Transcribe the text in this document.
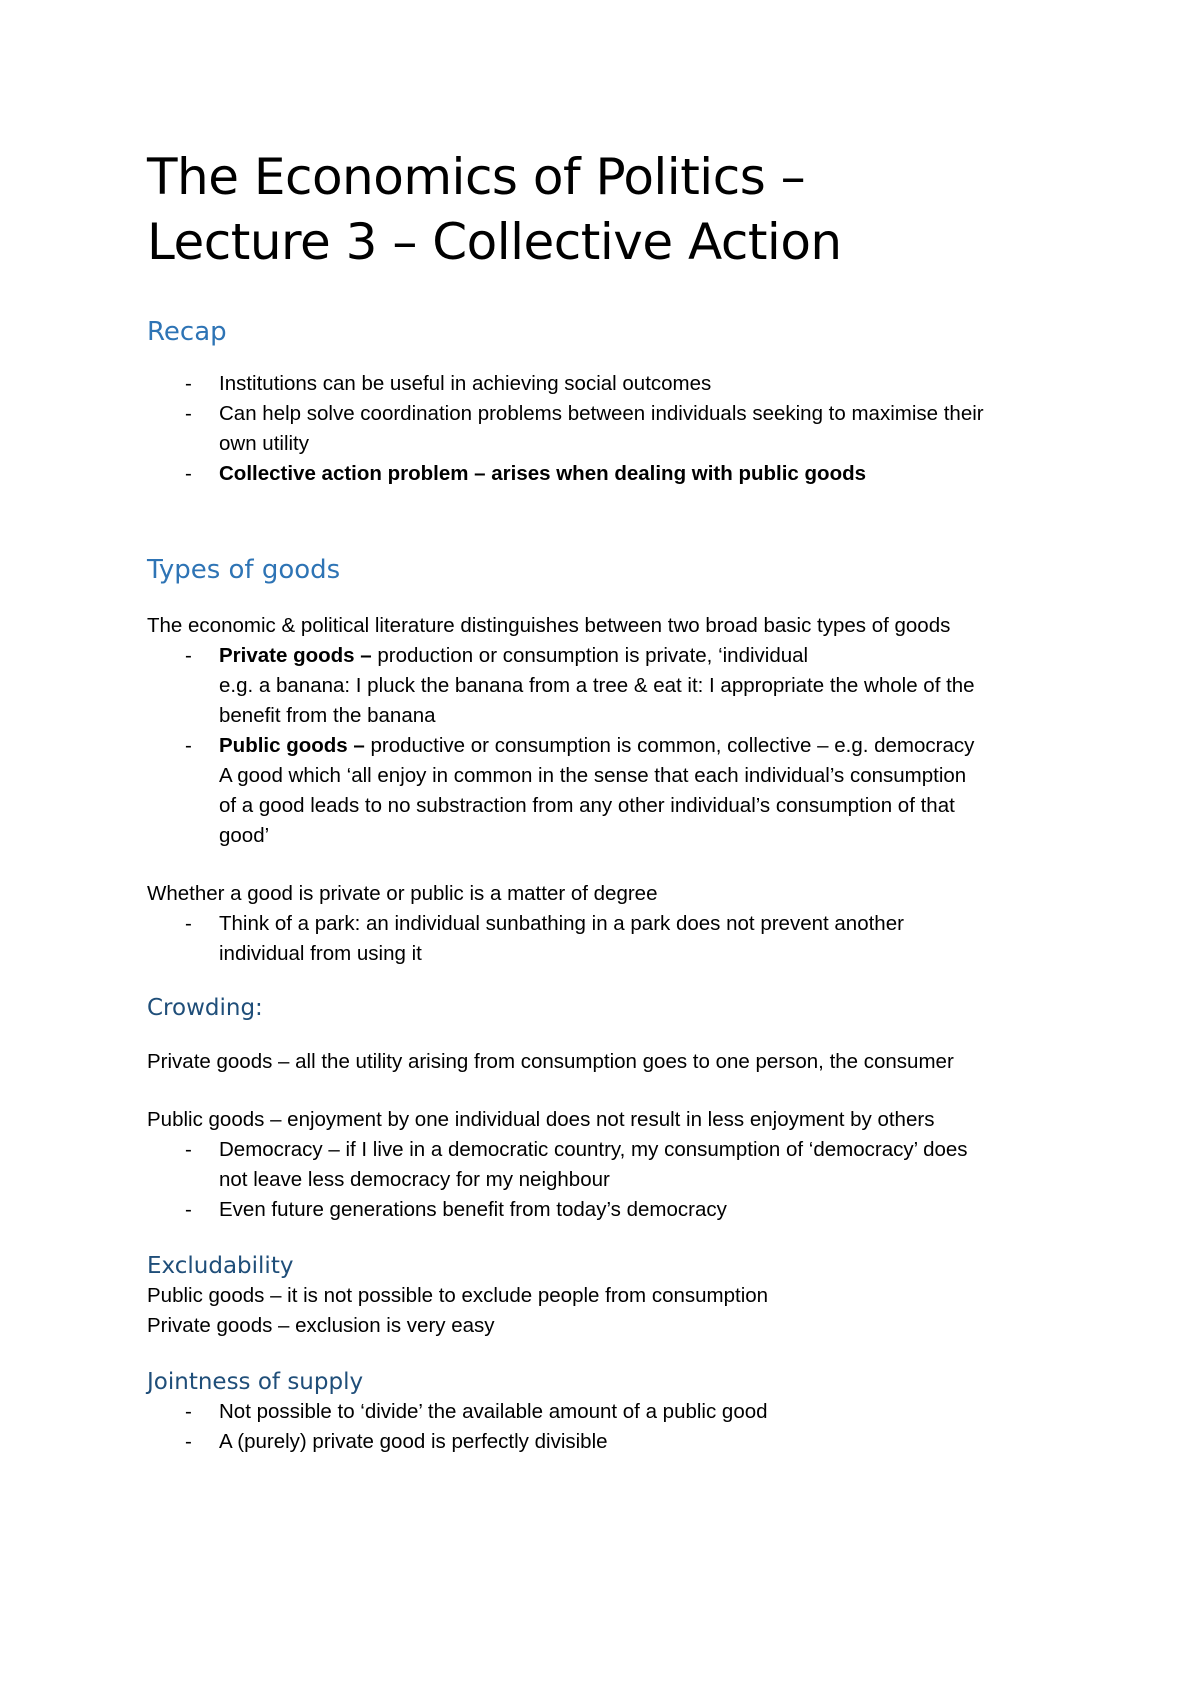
The Economics of Politics –
Lecture 3 – Collective Action
Recap
- Institutions can be useful in achieving social outcomes
- Can help solve coordination problems between individuals seeking to maximise their
own utility
- Collective action problem – arises when dealing with public goods
Types of goods

The economic & political literature distinguishes between two broad basic types of goods

- Private goods – production or consumption is private, ‘individual
e.g. a banana: I pluck the banana from a tree & eat it: I appropriate the whole of the
benefit from the banana
- Public goods – productive or consumption is common, collective – e.g. democracy
A good which ‘all enjoy in common in the sense that each individual’s consumption
of a good leads to no substraction from any other individual’s consumption of that
good’

Whether a good is private or public is a matter of degree

- Think of a park: an individual sunbathing in a park does not prevent another
individual from using it
Crowding:

Private goods – all the utility arising from consumption goes to one person, the consumer

Public goods – enjoyment by one individual does not result in less enjoyment by others

- Democracy – if I live in a democratic country, my consumption of ‘democracy’ does
not leave less democracy for my neighbour
- Even future generations benefit from today’s democracy
Excludability

Public goods – it is not possible to exclude people from consumption

Private goods – exclusion is very easy

Jointness of supply
- Not possible to ‘divide’ the available amount of a public good
- A (purely) private good is perfectly divisible
